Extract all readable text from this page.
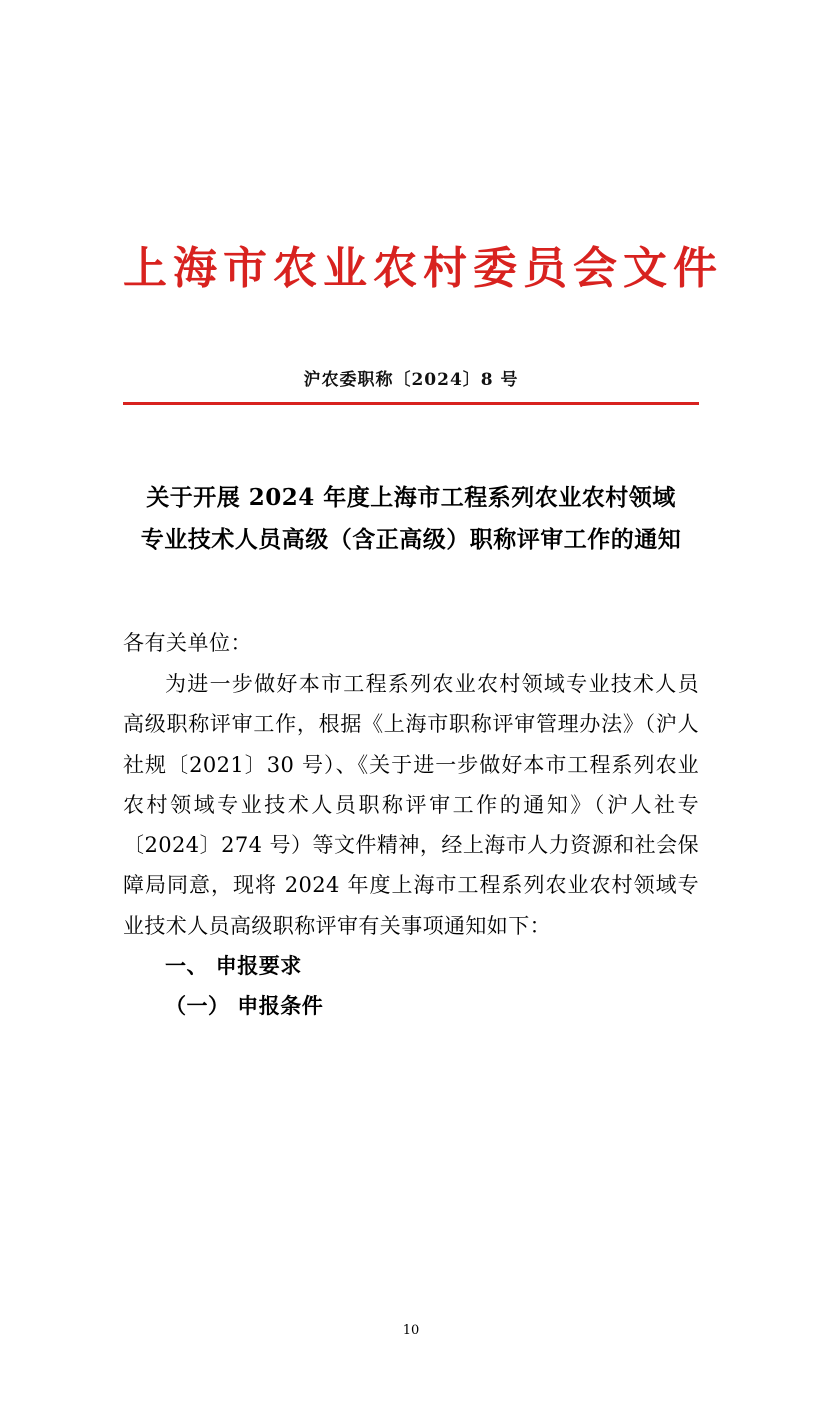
上海市农业农村委员会文件
沪农委职称〔2024〕8 号
关于开展 2024 年度上海市工程系列农业农村领域
专业技术人员高级（含正高级）职称评审工作的通知
各有关单位：

为进一步做好本市工程系列农业农村领域专业技术人员高级职称评审工作，根据《上海市职称评审管理办法》（沪人社规〔2021〕30 号）、《关于进一步做好本市工程系列农业农村领域专业技术人员职称评审工作的通知》（沪人社专〔2024〕274 号）等文件精神，经上海市人力资源和社会保障局同意，现将 2024 年度上海市工程系列农业农村领域专业技术人员高级职称评审有关事项通知如下：

一、 申报要求

（一） 申报条件

10
